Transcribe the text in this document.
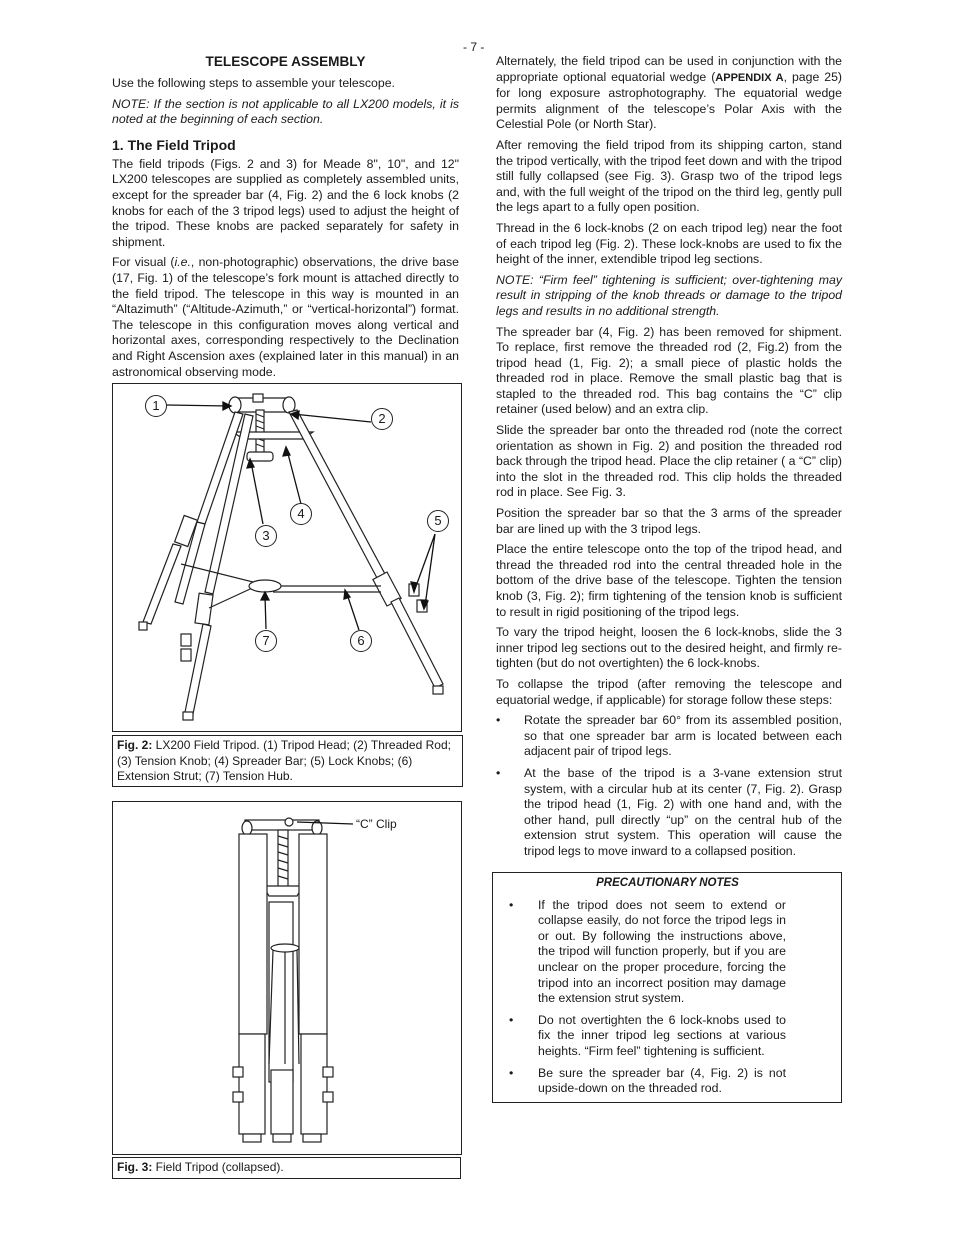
- 7 -
TELESCOPE ASSEMBLY

Use the following steps to assemble your telescope.

NOTE: If the section is not applicable to all LX200 models, it is noted at the beginning of each section.

1. The Field Tripod

The field tripods (Figs. 2 and 3) for Meade 8", 10", and 12" LX200 telescopes are supplied as completely assembled units, except for the spreader bar (4, Fig. 2) and the 6 lock knobs (2 knobs for each of the 3 tripod legs) used to adjust the height of the tripod. These knobs are packed separately for safety in shipment.

For visual (i.e., non-photographic) observations, the drive base (17, Fig. 1) of the telescope’s fork mount is attached directly to the field tripod. The telescope in this way is mounted in an “Altazimuth” (“Altitude-Azimuth,” or “vertical-horizontal”) format. The telescope in this configuration moves along vertical and horizontal axes, corresponding respectively to the Declination and Right Ascension axes (explained later in this manual) in an astronomical observing mode.

1
2
3
4	5
6
7
Fig. 2: LX200 Field Tripod. (1) Tripod Head; (2) Threaded Rod; (3) Tension Knob; (4) Spreader Bar; (5) Lock Knobs; (6) Extension Strut; (7) Tension Hub.
“C” Clip
Fig. 3: Field Tripod (collapsed).

Alternately, the field tripod can be used in conjunction with the appropriate optional equatorial wedge (APPENDIX A, page 25) for long exposure astrophotography. The equatorial wedge permits alignment of the telescope’s Polar Axis with the Celestial Pole (or North Star).

After removing the field tripod from its shipping carton, stand the tripod vertically, with the tripod feet down and with the tripod still fully collapsed (see Fig. 3). Grasp two of the tripod legs and, with the full weight of the tripod on the third leg, gently pull the legs apart to a fully open position.

Thread in the 6 lock-knobs (2 on each tripod leg) near the foot of each tripod leg (Fig. 2). These lock-knobs are used to fix the height of the inner, extendible tripod leg sections.

NOTE: “Firm feel” tightening is sufficient; over-tightening may result in stripping of the knob threads or damage to the tripod legs and results in no additional strength.

The spreader bar (4, Fig. 2) has been removed for shipment. To replace, first remove the threaded rod (2, Fig.2) from the tripod head (1, Fig. 2); a small piece of plastic holds the threaded rod in place. Remove the small plastic bag that is stapled to the threaded rod. This bag contains the “C” clip retainer (used below) and an extra clip.

Slide the spreader bar onto the threaded rod (note the correct orientation as shown in Fig. 2) and position the threaded rod back through the tripod head. Place the clip retainer ( a “C” clip) into the slot in the threaded rod. This clip holds the threaded rod in place. See Fig. 3.

Position the spreader bar so that the 3 arms of the spreader bar are lined up with the 3 tripod legs.

Place the entire telescope onto the top of the tripod head, and thread the threaded rod into the central threaded hole in the bottom of the drive base of the telescope. Tighten the tension knob (3, Fig. 2); firm tightening of the tension knob is sufficient to result in rigid positioning of the tripod legs.

To vary the tripod height, loosen the 6 lock-knobs, slide the 3 inner tripod leg sections out to the desired height, and firmly re-tighten (but do not overtighten) the 6 lock-knobs.

To collapse the tripod (after removing the telescope and equatorial wedge, if applicable) for storage follow these steps:

• Rotate the spreader bar 60° from its assembled position, so that one spreader bar arm is located between each adjacent pair of tripod legs.
• At the base of the tripod is a 3-vane extension strut system, with a circular hub at its center (7, Fig. 2). Grasp the tripod head (1, Fig. 2) with one hand and, with the other hand, pull directly “up” on the central hub of the extension strut system. This operation will cause the tripod legs to move inward to a collapsed position.
PRECAUTIONARY NOTES
• If the tripod does not seem to extend or collapse easily, do not force the tripod legs in or out. By following the instructions above, the tripod will function properly, but if you are unclear on the proper procedure, forcing the tripod into an incorrect position may damage the extension strut system.
• Do not overtighten the 6 lock-knobs used to fix the inner tripod leg sections at various heights. “Firm feel” tightening is sufficient.
• Be sure the spreader bar (4, Fig. 2) is not upside-down on the threaded rod.
